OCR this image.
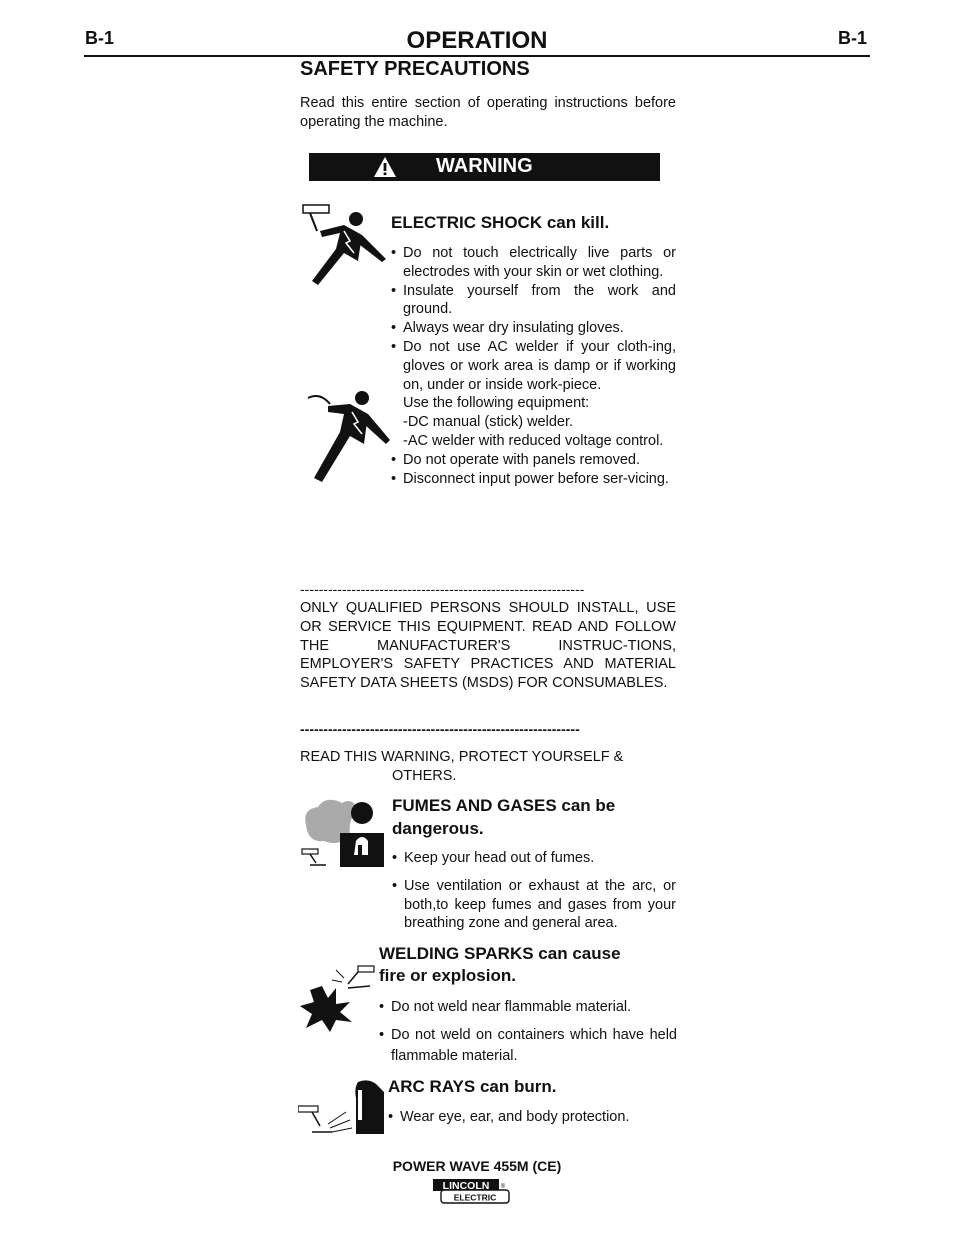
B-1	OPERATION	B-1
SAFETY PRECAUTIONS
Read this entire section of operating instructions before operating the machine.
WARNING
ELECTRIC SHOCK can kill.
• Do not touch electrically live parts or electrodes with your skin or wet clothing.
• Insulate yourself from the work and ground.
• Always wear dry insulating gloves.
• Do not use AC welder if your cloth-ing, gloves or work area is damp or if working on, under or inside work-piece.
Use the following equipment:
-DC manual (stick) welder.
-AC welder with reduced voltage control.
• Do not operate with panels removed.
• Disconnect input power before ser-vicing.
-------------------------------------------------------------
ONLY QUALIFIED PERSONS SHOULD INSTALL, USE OR SERVICE THIS EQUIPMENT. READ AND FOLLOW THE MANUFACTURER'S INSTRUC-TIONS, EMPLOYER'S SAFETY PRACTICES AND MATERIAL SAFETY DATA SHEETS (MSDS) FOR CONSUMABLES.
------------------------------------------------------------
READ THIS WARNING, PROTECT YOURSELF &
OTHERS.
FUMES AND GASES can be
dangerous.
• Keep your head out of fumes.
• Use ventilation or exhaust at the arc, or both,to keep fumes and gases from your breathing zone and general area.
WELDING SPARKS can cause
fire or explosion.
• Do not weld near flammable material.
• Do not weld on containers which have held flammable material.
ARC RAYS can burn.
• Wear eye, ear, and body protection.
POWER WAVE 455M (CE)
LINCOLN
ELECTRIC
®
